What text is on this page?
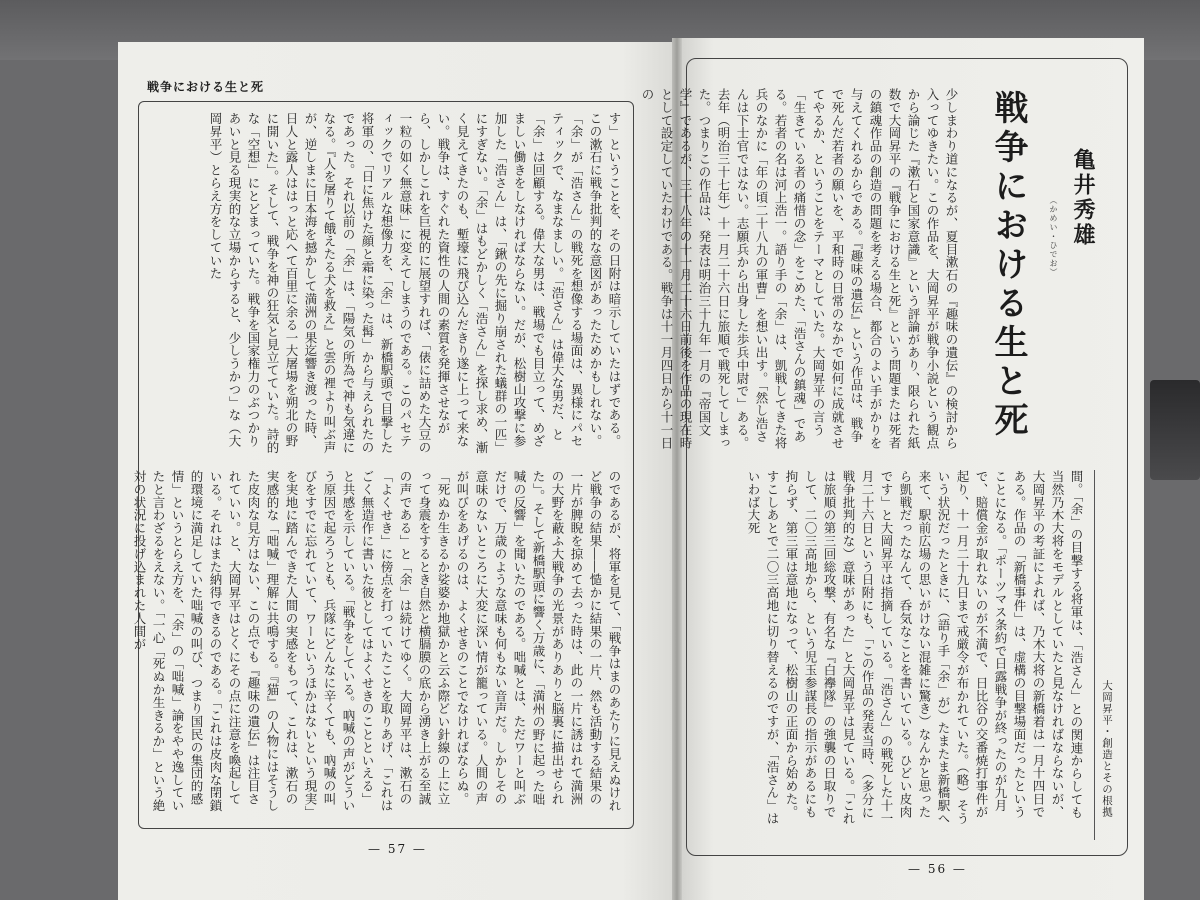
戦争における生と死
す」ということを、その日附は暗示していたはずである。この漱石に戦争批判的な意図があったためかもしれない。「余」が「浩さん」の戦死を想像する場面は、異様にパセティックで、なまなましい。「浩さん」は偉大な男だ、と「余」は回顧する。偉大な男は、戦場でも目立って、めざましい働きをしなければならない。だが、松樹山攻撃に参加した「浩さん」は、「鍬の先に掘り崩された蟻群の一匹」にすぎない。「余」はもどかしく「浩さん」を探し求め、漸く見えてきたのも、塹壕に飛び込んだきり遂に上って来ない。戦争は、すぐれた資性の人間の素質を発揮させながら、しかしこれを巨視的に展望すれば、「俵に詰めた大豆の一粒の如く無意味」に変えてしまうのである。このパセティックでリアルな想像力を、「余」は、新橋駅頭で目撃した将軍の、「日に焦けた顔と霜に染った髯」から与えられたのであった。それ以前の「余」は、「陽気の所為で神も気違になる。『人を屠りて餓えたる犬を救え』と雲の裡より叫ぶ声が、逆しまに日本海を撼かして満洲の果迄響き渡った時、日人と露人ははっと応へて百里に余る一大屠場を朔北の野に開いた」。そして、戦争を神の狂気と見立てていた。詩的な「空想」にとどまっていた。戦争を国家権力のぶつかりあいと見る現実的な立場からすると、少しうかつ」な（大岡昇平）とらえ方をしていた
のであるが、将軍を見て、「戦争はまのあたりに見えぬけれど戦争の結果――慥かに結果の一片、然も活動する結果の一片が脾睨を掠めて去った時は、此の一片に誘はれて満洲の大野を蔽ふ大戦争の光景がありありと脳裏に描出せられた」。そして新橋駅頭に響く万歳に、「満州の野に起った咄喊の反響」を聞いたのである。咄喊とは、ただワーと叫ぶだけで、万歳のような意味も何もない音声だ。しかしその意味のないところに大変に深い情が籠っている。人間の声が叫びをあげるのは、よくせきのことでなければならぬ。「死ぬか生きるか娑婆か地獄かと云ふ際どい針線の上に立って身震をするとき自然と横膈膜の底から湧き上がる至誠の声である」と「余」は続けてゆく。大岡昇平は、漱石の「よくせき」に傍点を打っていたことを取りあげ、「これはごく無造作に書いた彼としてはよくせきのことといえる」と共感を示している。「戦争をしている。吶喊の声がどういう原因で起ろうとも、兵隊にどんなに辛くても、吶喊の叫びをすでに忘れていて、ワーというほかはないという現実」を実地に踏んできた人間の実感をもって、これは、漱石の実感的な「咄喊」理解に共鳴する。『猫』の人物にはそうした皮肉な見方はない、この点でも『趣味の遺伝』は注目されていい。と、大岡昇平はとくにその点に注意を喚起している。それはまた納得できるのである。「これは皮肉な閉鎖的環境に満足していた咄喊の叫び、つまり国民の集団的感情」というとらえ方を、「余」の「咄喊」論をやや逸していたと言わざるをえない。「一心「死ぬか生きるか」という絶対の状況に投げ込まれた人間が
— 57 —
戦争における生と死 亀井秀雄
（かめい・ひでお）
少しまわり道になるが、夏目漱石の『趣味の遺伝』の検討から入ってゆきたい。この作品を、大岡昇平が戦争小説という観点から論じた『漱石と国家意識』という評論があり、限られた紙数で大岡昇平の『戦争における生と死』という問題または死者の鎮魂作品の創造の問題を考える場合、都合のよい手がかりを与えてくれるからである。『趣味の遺伝』という作品は、戦争で死んだ若者の願いを、平和時の日常のなかで如何に成就させてやるか、ということをテーマとしていた。大岡昇平の言う「生きている者の痛惜の念」をこめた、「浩さんの鎮魂」である。若者の名は河上浩一。語り手の「余」は、凱戦してきた将兵のなかに「年の頃二十八九の軍曹」を想い出す。「然し浩さんは下士官ではない。志願兵から出身した歩兵中尉で」ある。去年（明治三十七年）十一月二十六日に旅順で戦死してしまった。つまりこの作品は、発表は明治三十九年一月の『帝国文学』であるが、三十八年の十一月二十六日前後を作品の現在時として設定していたわけである。戦争は十一月四日から十一日の
間。「余」の目撃する将軍は、「浩さん」との関連からしても当然乃木大将をモデルとしていたと見なければならないが、大岡昇平の考証によれば、乃木大将の新橋着は一月十四日である。作品の「新橋事件」は、虚構の目撃場面だったということになる。「ポーツマス条約で日露戦争が終ったのが九月で、賠償金が取れないのが不満で、日比谷の交番焼打事件が起り、十一月二十九日まで戒厳令が布かれていた。（略）そういう状況だったときに、（語り手「余」が）たまたま新橋駅へ来て、駅前広場の思いがけない混雑に驚き）なんかと思ったら凱戦だったなんて、呑気なことを書いている。ひどい皮肉です」と大岡昇平は指摘している。「浩さん」の戦死した十一月二十六日という日附にも、「この作品の発表当時、（多分に戦争批判的な）意味があった」と大岡昇平は見ている。「これは旅順の第三回総攻撃、有名な『白襷隊』の強襲の日取りでして、二〇三高地から、という児玉参謀長の指示があるにも拘らず、第三軍は意地になって、松樹山の正面から始めた。すこしあとで二〇三高地に切り替えるのですが、「浩さん」はいわば大死
大岡昇平・創造とその根拠
— 56 —
